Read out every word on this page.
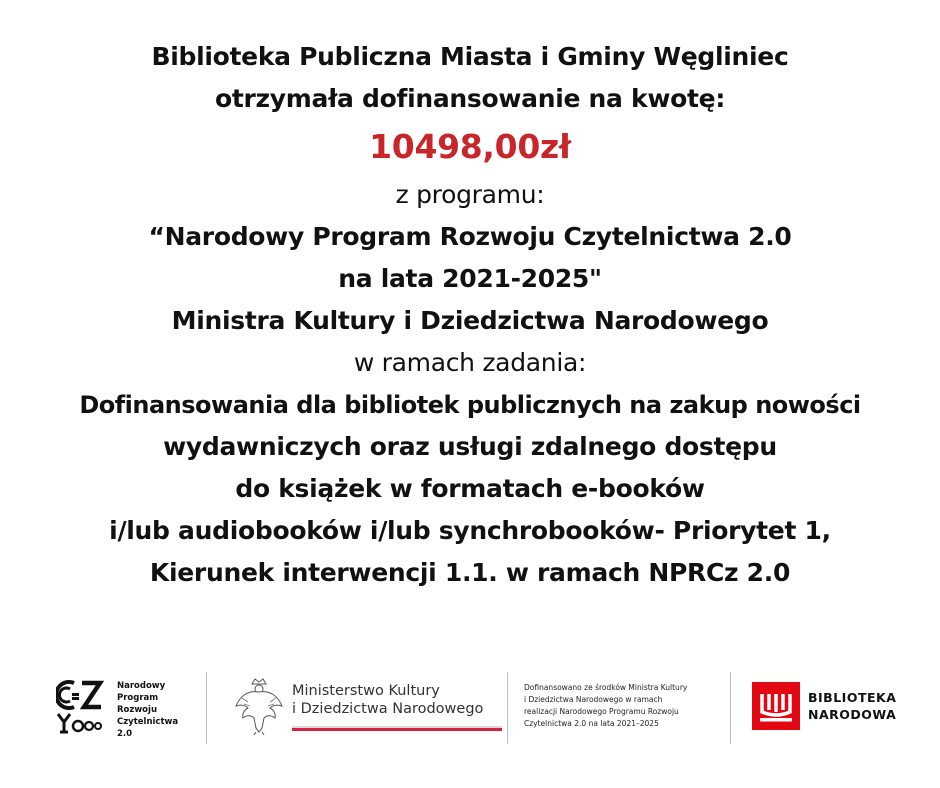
Biblioteka Publiczna Miasta i Gminy Węgliniec
otrzymała dofinansowanie na kwotę:
10498,00zł
z programu:
“Narodowy Program Rozwoju Czytelnictwa 2.0
na lata 2021-2025"
Ministra Kultury i Dziedzictwa Narodowego
w ramach zadania:
Dofinansowania dla bibliotek publicznych na zakup nowości
wydawniczych oraz usługi zdalnego dostępu
do książek w formatach e-booków
i/lub audiobooków i/lub synchrobooków- Priorytet 1,
Kierunek interwencji 1.1. w ramach NPRCz 2.0
Narodowy
Program
Rozwoju
Czytelnictwa
2.0
Ministerstwo Kultury
i Dziedzictwa Narodowego
Dofinansowano ze środków Ministra Kultury
i Dziedzictwa Narodowego w ramach
realizacji Narodowego Programu Rozwoju
Czytelnictwa 2.0 na lata 2021–2025
BIBLIOTEKA
NARODOWA
